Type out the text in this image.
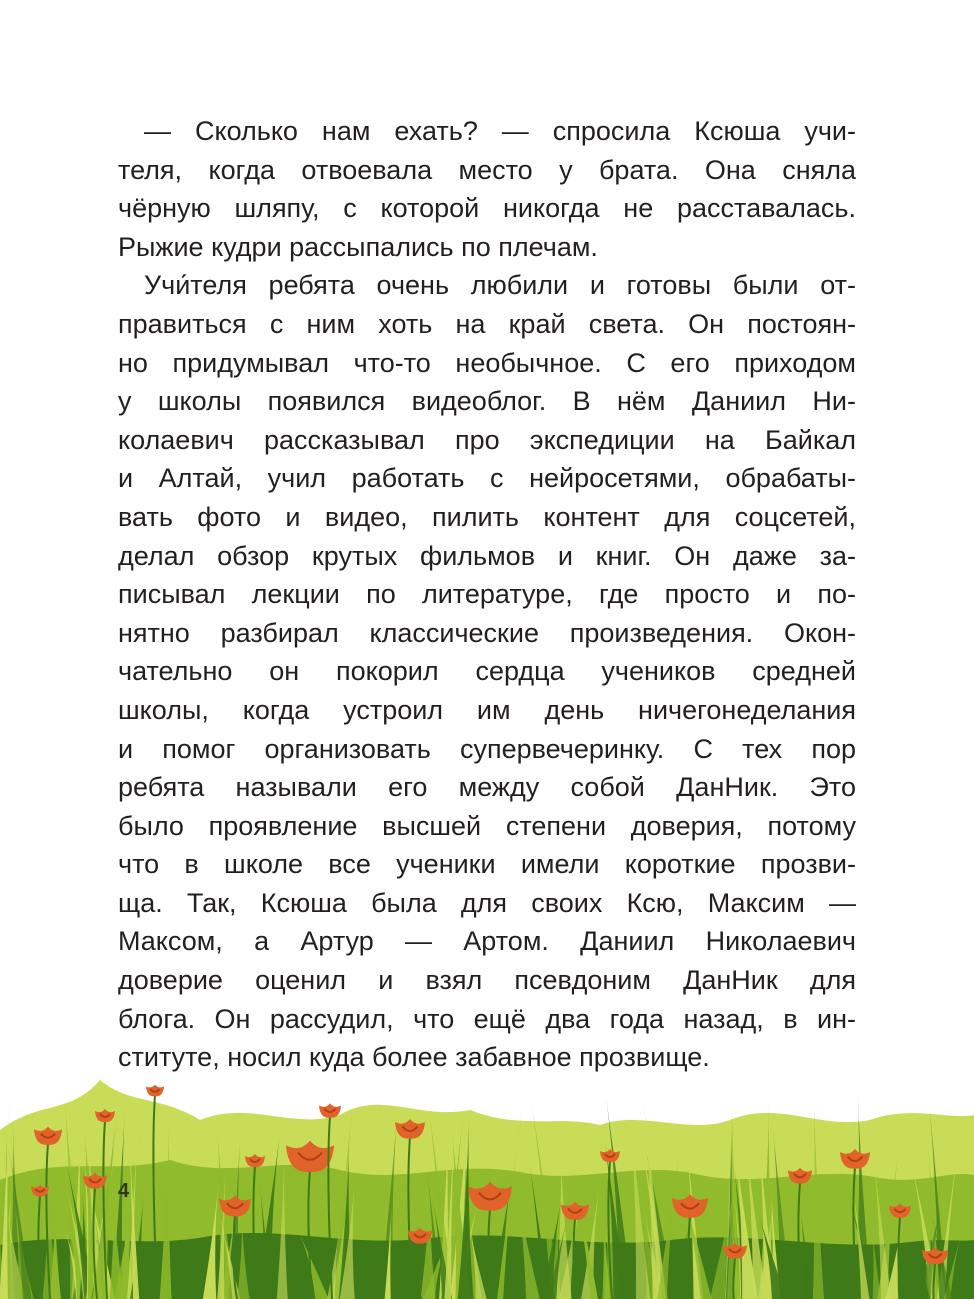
— Сколько нам ехать? — спросила Ксюша учи-
теля, когда отвоевала место у брата. Она сняла
чёрную шляпу, с которой никогда не расставалась.
Рыжие кудри рассыпались по плечам.
Учи́теля ребята очень любили и готовы были от-
правиться с ним хоть на край света. Он постоян-
но придумывал что-то необычное. С его приходом
у школы появился видеоблог. В нём Даниил Ни-
колаевич рассказывал про экспедиции на Байкал
и Алтай, учил работать с нейросетями, обрабаты-
вать фото и видео, пилить контент для соцсетей,
делал обзор крутых фильмов и книг. Он даже за-
писывал лекции по литературе, где просто и по-
нятно разбирал классические произведения. Окон-
чательно он покорил сердца учеников средней
школы, когда устроил им день ничегонеделания
и помог организовать супервечеринку. С тех пор
ребята называли его между собой ДанНик. Это
было проявление высшей степени доверия, потому
что в школе все ученики имели короткие прозви-
ща. Так, Ксюша была для своих Ксю, Максим —
Максом, а Артур — Артом. Даниил Николаевич
доверие оценил и взял псевдоним ДанНик для
блога. Он рассудил, что ещё два года назад, в ин-
ституте, носил куда более забавное прозвище.
4
